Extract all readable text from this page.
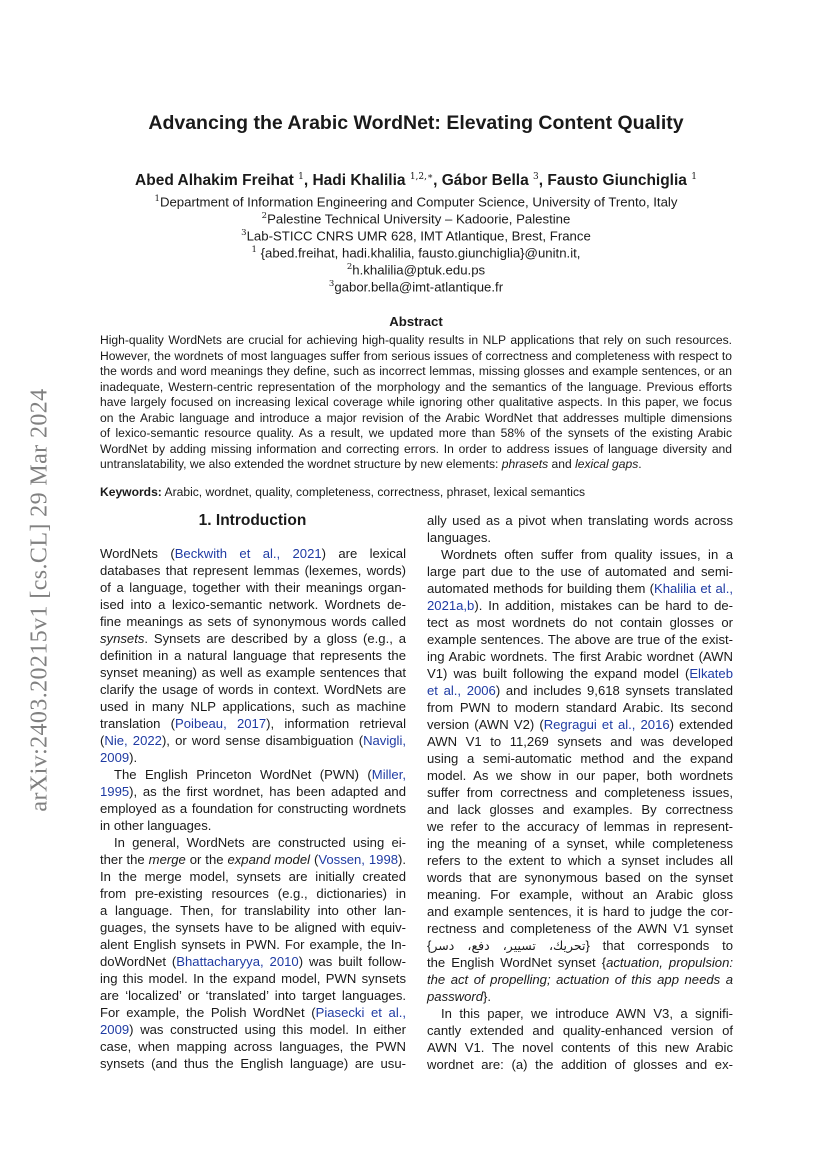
arXiv:2403.20215v1 [cs.CL] 29 Mar 2024
Advancing the Arabic WordNet: Elevating Content Quality
Abed Alhakim Freihat $^1$, Hadi Khalilia $^{1,2,∗}$, Gábor Bella $^3$, Fausto Giunchiglia $^1$
$^1$Department of Information Engineering and Computer Science, University of Trento, Italy
$^2$Palestine Technical University – Kadoorie, Palestine
$^3$Lab-STICC CNRS UMR 628, IMT Atlantique, Brest, France
$^1$ {abed.freihat, hadi.khalilia, fausto.giunchiglia}@unitn.it,
$^2$h.khalilia@ptuk.edu.ps
$^3$gabor.bella@imt-atlantique.fr
Abstract
High-quality WordNets are crucial for achieving high-quality results in NLP applications that rely on such resources.
However, the wordnets of most languages suffer from serious issues of correctness and completeness with respect to
the words and word meanings they define, such as incorrect lemmas, missing glosses and example sentences, or an
inadequate, Western-centric representation of the morphology and the semantics of the language. Previous efforts
have largely focused on increasing lexical coverage while ignoring other qualitative aspects. In this paper, we focus
on the Arabic language and introduce a major revision of the Arabic WordNet that addresses multiple dimensions
of lexico-semantic resource quality. As a result, we updated more than 58% of the synsets of the existing Arabic
WordNet by adding missing information and correcting errors. In order to address issues of language diversity and
untranslatability, we also extended the wordnet structure by new elements: phrasets and lexical gaps.
Keywords: Arabic, wordnet, quality, completeness, correctness, phraset, lexical semantics
1. Introduction
WordNets (Beckwith et al., 2021) are lexical
databases that represent lemmas (lexemes, words)
of a language, together with their meanings organ-
ised into a lexico-semantic network. Wordnets de-
fine meanings as sets of synonymous words called
synsets. Synsets are described by a gloss (e.g., a
definition in a natural language that represents the
synset meaning) as well as example sentences that
clarify the usage of words in context. WordNets are
used in many NLP applications, such as machine
translation (Poibeau, 2017), information retrieval
(Nie, 2022), or word sense disambiguation (Navigli,
2009).
The English Princeton WordNet (PWN) (Miller,
1995), as the first wordnet, has been adapted and
employed as a foundation for constructing wordnets
in other languages.
In general, WordNets are constructed using ei-
ther the merge or the expand model (Vossen, 1998).
In the merge model, synsets are initially created
from pre-existing resources (e.g., dictionaries) in
a language. Then, for translability into other lan-
guages, the synsets have to be aligned with equiv-
alent English synsets in PWN. For example, the In-
doWordNet (Bhattacharyya, 2010) was built follow-
ing this model. In the expand model, PWN synsets
are ‘localized’ or ‘translated’ into target languages.
For example, the Polish WordNet (Piasecki et al.,
2009) was constructed using this model. In either
case, when mapping across languages, the PWN
synsets (and thus the English language) are usu-
ally used as a pivot when translating words across
languages.
Wordnets often suffer from quality issues, in a
large part due to the use of automated and semi-
automated methods for building them (Khalilia et al.,
2021a,b). In addition, mistakes can be hard to de-
tect as most wordnets do not contain glosses or
example sentences. The above are true of the exist-
ing Arabic wordnets. The first Arabic wordnet (AWN
V1) was built following the expand model (Elkateb
et al., 2006) and includes 9,618 synsets translated
from PWN to modern standard Arabic. Its second
version (AWN V2) (Regragui et al., 2016) extended
AWN V1 to 11,269 synsets and was developed
using a semi-automatic method and the expand
model. As we show in our paper, both wordnets
suffer from correctness and completeness issues,
and lack glosses and examples. By correctness
we refer to the accuracy of lemmas in represent-
ing the meaning of a synset, while completeness
refers to the extent to which a synset includes all
words that are synonymous based on the synset
meaning. For example, without an Arabic gloss
and example sentences, it is hard to judge the cor-
rectness and completeness of the AWN V1 synset
{تحريك، تسيير، دفع، دسر} that corresponds to
the English WordNet synset {actuation, propulsion:
the act of propelling; actuation of this app needs a
password}.
In this paper, we introduce AWN V3, a signifi-
cantly extended and quality-enhanced version of
AWN V1. The novel contents of this new Arabic
wordnet are: (a) the addition of glosses and ex-
